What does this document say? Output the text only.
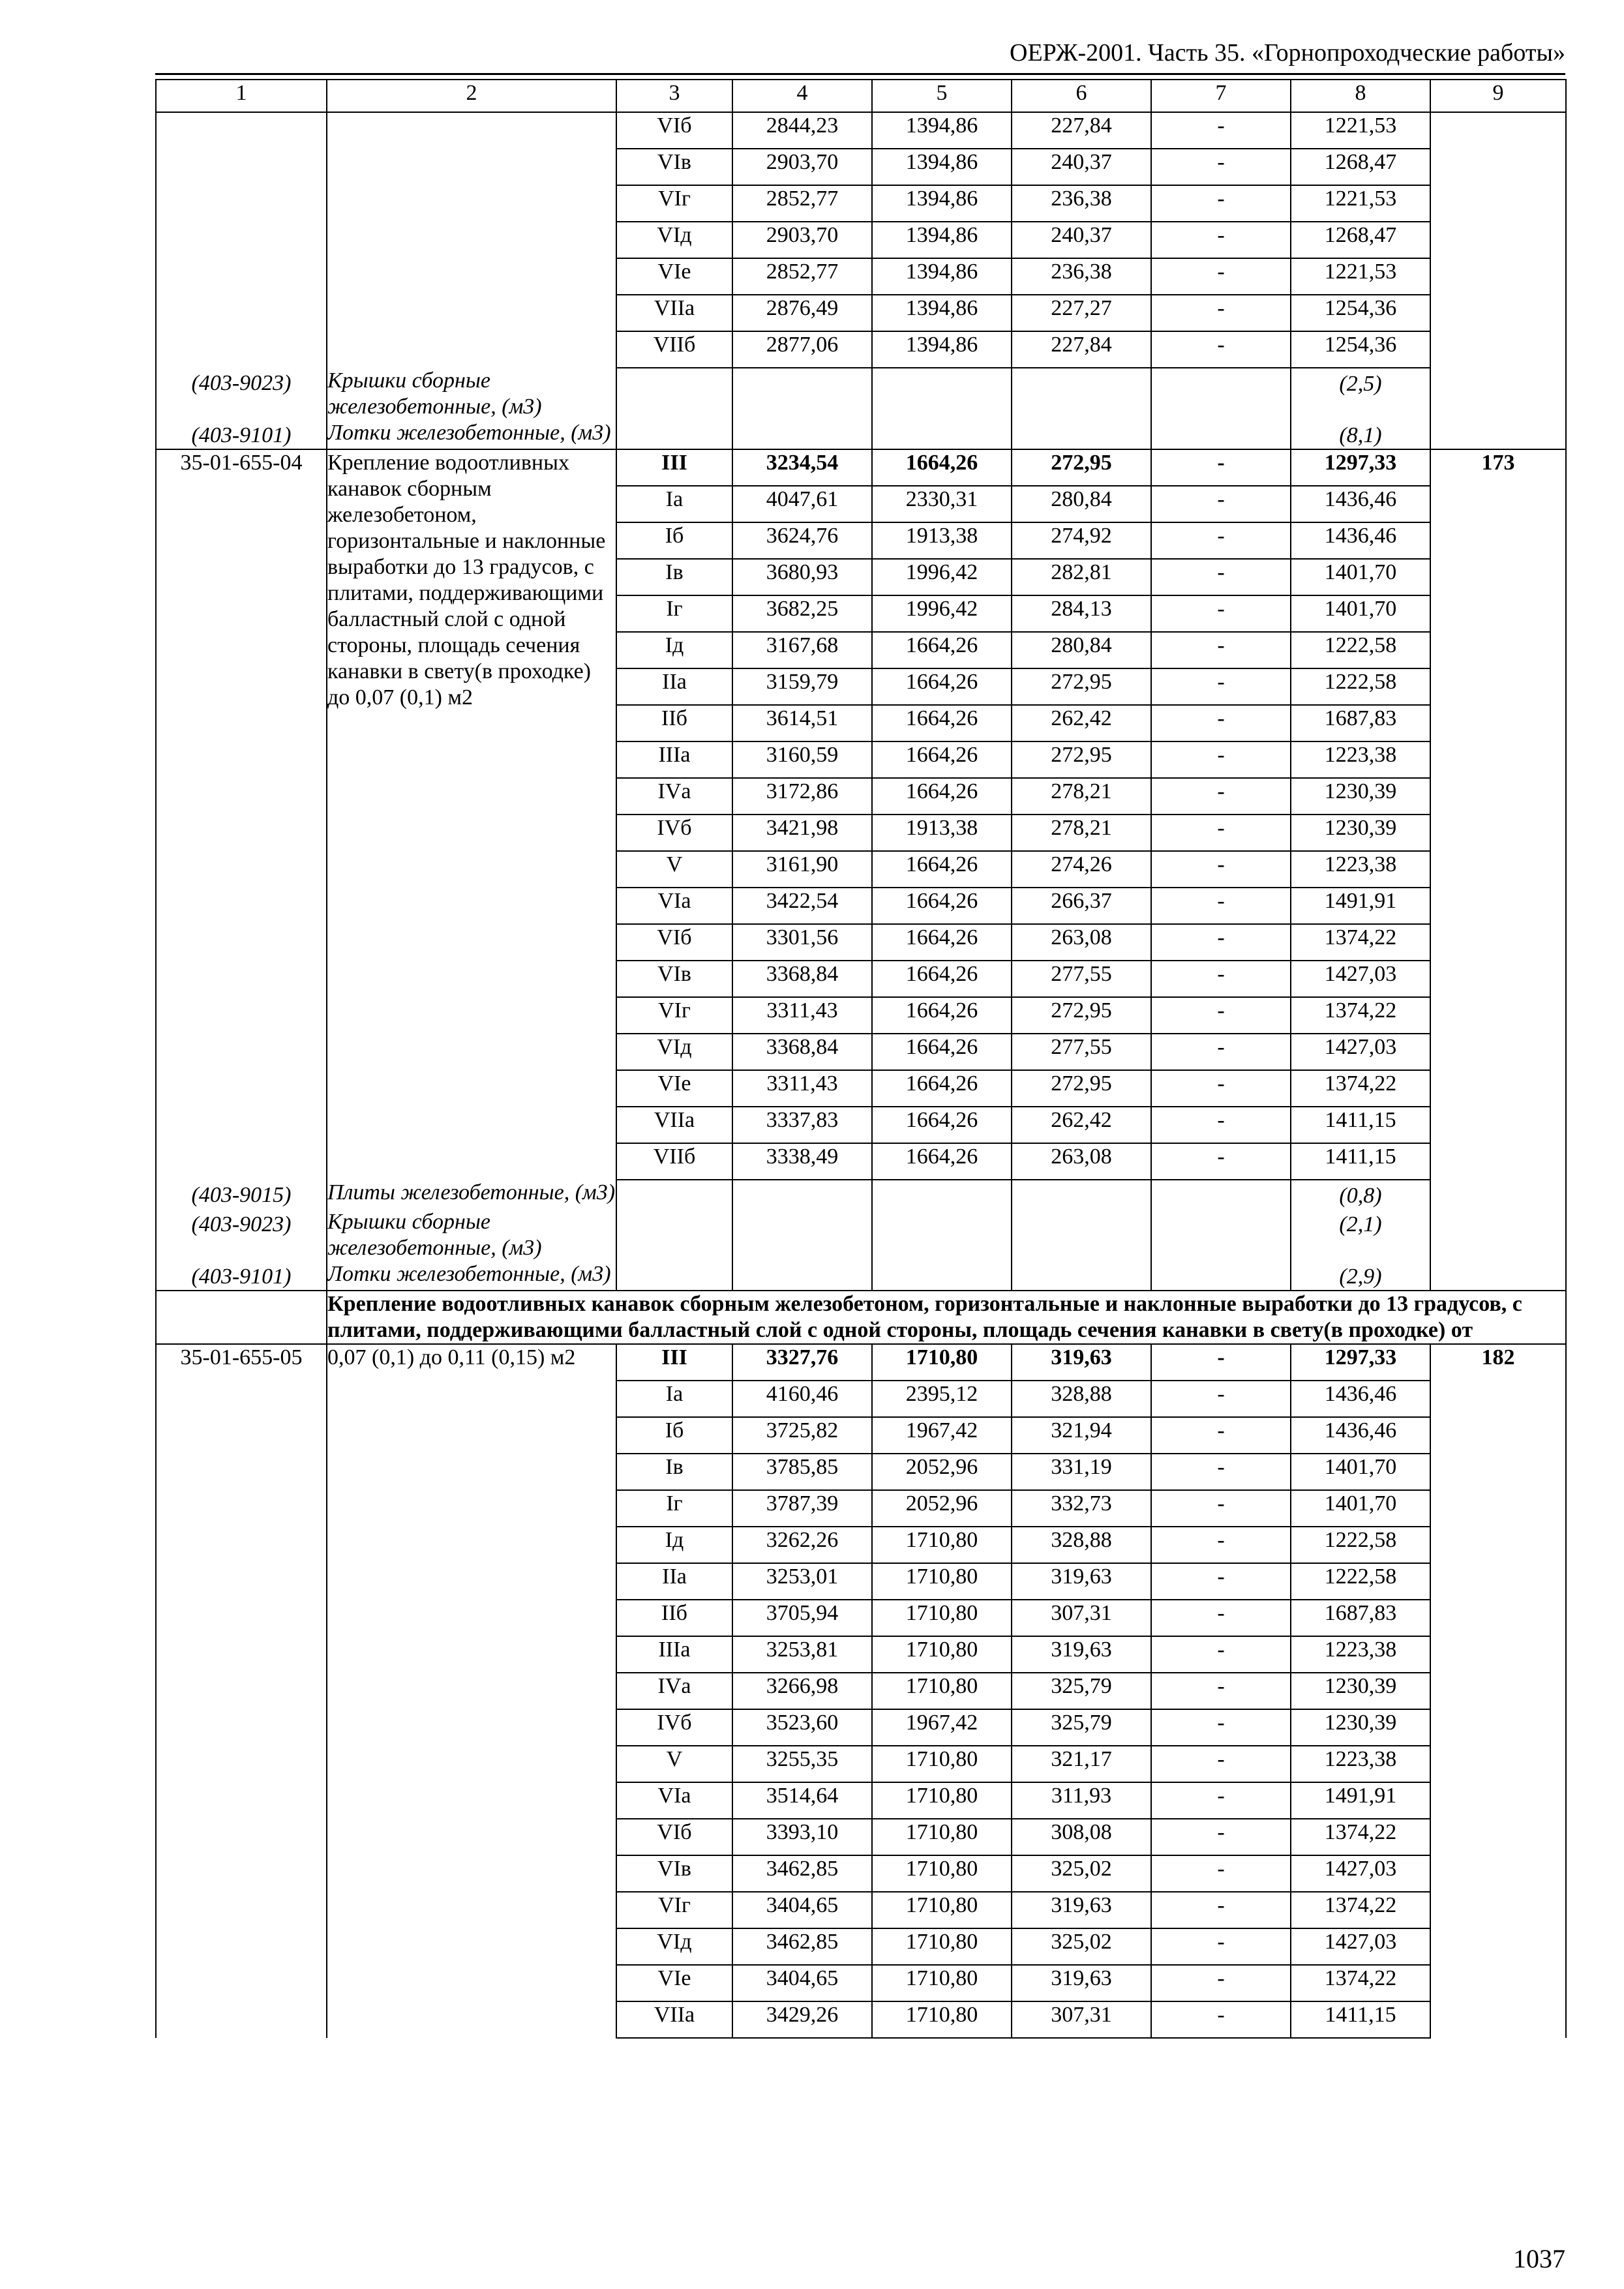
ОЕРЖ-2001. Часть 35. «Горнопроходческие работы»
1	2	3	4	5	6	7	8	9
		VIб	2844,23	1394,86	227,84	-	1221,53	
		VIв	2903,70	1394,86	240,37	-	1268,47	
		VIг	2852,77	1394,86	236,38	-	1221,53	
		VIд	2903,70	1394,86	240,37	-	1268,47	
		VIе	2852,77	1394,86	236,38	-	1221,53	
		VIIа	2876,49	1394,86	227,27	-	1254,36	
		VIIб	2877,06	1394,86	227,84	-	1254,36	
(403-9023)	Крышки сборные железобетонные, (м3)						(2,5)	
(403-9101)	Лотки железобетонные, (м3)						(8,1)	
35-01-655-04	Крепление водоотливных канавок сборным железобетоном, горизонтальные и наклонные выработки до 13 градусов, с плитами, поддерживающими балластный слой с одной стороны, площадь сечения канавки в свету(в проходке) до 0,07 (0,1) м2	III	3234,54	1664,26	272,95	-	1297,33	173
		Iа	4047,61	2330,31	280,84	-	1436,46	
		Iб	3624,76	1913,38	274,92	-	1436,46	
		Iв	3680,93	1996,42	282,81	-	1401,70	
		Iг	3682,25	1996,42	284,13	-	1401,70	
		Iд	3167,68	1664,26	280,84	-	1222,58	
		IIа	3159,79	1664,26	272,95	-	1222,58	
		IIб	3614,51	1664,26	262,42	-	1687,83	
		IIIа	3160,59	1664,26	272,95	-	1223,38	
		IVа	3172,86	1664,26	278,21	-	1230,39	
		IVб	3421,98	1913,38	278,21	-	1230,39	
		V	3161,90	1664,26	274,26	-	1223,38	
		VIа	3422,54	1664,26	266,37	-	1491,91	
		VIб	3301,56	1664,26	263,08	-	1374,22	
		VIв	3368,84	1664,26	277,55	-	1427,03	
		VIг	3311,43	1664,26	272,95	-	1374,22	
		VIд	3368,84	1664,26	277,55	-	1427,03	
		VIе	3311,43	1664,26	272,95	-	1374,22	
		VIIа	3337,83	1664,26	262,42	-	1411,15	
		VIIб	3338,49	1664,26	263,08	-	1411,15	
(403-9015)	Плиты железобетонные, (м3)						(0,8)	
(403-9023)	Крышки сборные железобетонные, (м3)						(2,1)	
(403-9101)	Лотки железобетонные, (м3)						(2,9)	
	Крепление водоотливных канавок сборным железобетоном, горизонтальные и наклонные выработки до 13 градусов, с плитами, поддерживающими балластный слой с одной стороны, площадь сечения канавки в свету(в проходке) от							
35-01-655-05	0,07 (0,1) до 0,11 (0,15) м2	III	3327,76	1710,80	319,63	-	1297,33	182
		Iа	4160,46	2395,12	328,88	-	1436,46	
		Iб	3725,82	1967,42	321,94	-	1436,46	
		Iв	3785,85	2052,96	331,19	-	1401,70	
		Iг	3787,39	2052,96	332,73	-	1401,70	
		Iд	3262,26	1710,80	328,88	-	1222,58	
		IIа	3253,01	1710,80	319,63	-	1222,58	
		IIб	3705,94	1710,80	307,31	-	1687,83	
		IIIа	3253,81	1710,80	319,63	-	1223,38	
		IVа	3266,98	1710,80	325,79	-	1230,39	
		IVб	3523,60	1967,42	325,79	-	1230,39	
		V	3255,35	1710,80	321,17	-	1223,38	
		VIа	3514,64	1710,80	311,93	-	1491,91	
		VIб	3393,10	1710,80	308,08	-	1374,22	
		VIв	3462,85	1710,80	325,02	-	1427,03	
		VIг	3404,65	1710,80	319,63	-	1374,22	
		VIд	3462,85	1710,80	325,02	-	1427,03	
		VIе	3404,65	1710,80	319,63	-	1374,22	
		VIIа	3429,26	1710,80	307,31	-	1411,15	
1037
